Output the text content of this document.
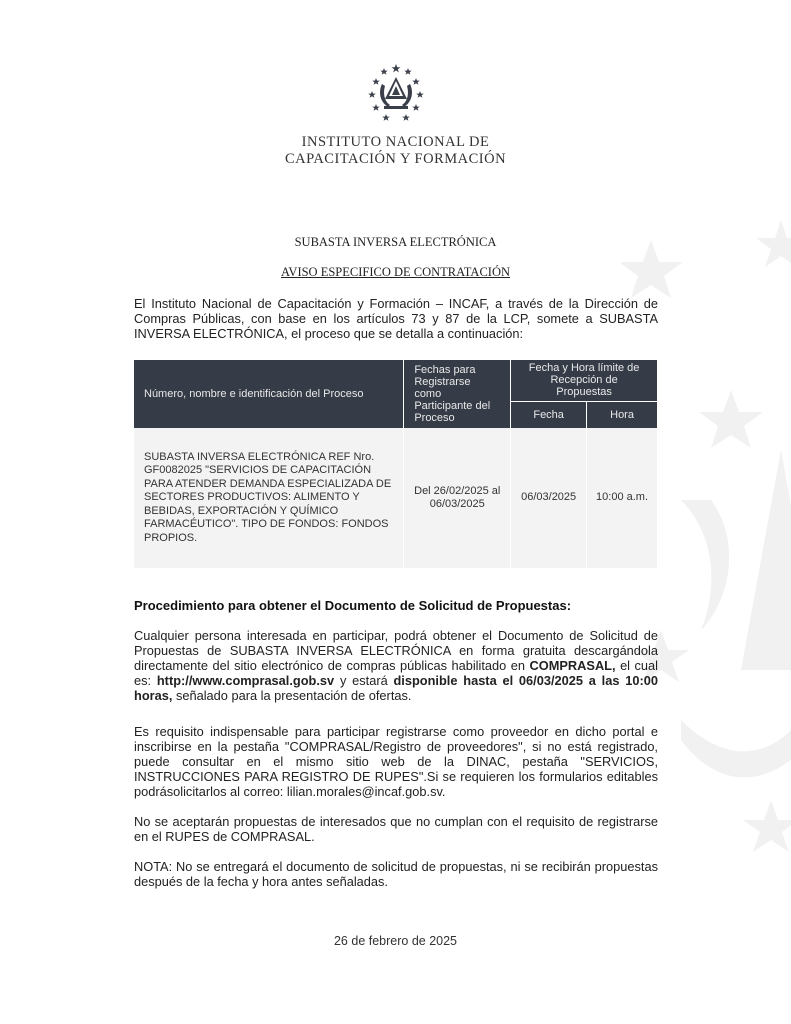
INSTITUTO NACIONAL DE
CAPACITACIÓN Y FORMACIÓN
SUBASTA INVERSA ELECTRÓNICA
AVISO ESPECIFICO DE CONTRATACIÓN
El Instituto Nacional de Capacitación y Formación – INCAF, a través de la Dirección de Compras Públicas, con base en los artículos 73 y 87 de la LCP, somete a SUBASTA INVERSA ELECTRÓNICA, el proceso que se detalla a continuación:
Número, nombre e identificación del Proceso	Fechas para Registrarse como Participante del Proceso	Fecha y Hora límite de Recepción de Propuestas	
		Fecha	Hora
SUBASTA INVERSA ELECTRÓNICA REF Nro. GF0082025 "SERVICIOS DE CAPACITACIÓN PARA ATENDER DEMANDA ESPECIALIZADA DE SECTORES PRODUCTIVOS: ALIMENTO Y BEBIDAS, EXPORTACIÓN Y QUÍMICO FARMACÉUTICO". TIPO DE FONDOS: FONDOS PROPIOS.	Del 26/02/2025 al 06/03/2025	06/03/2025	10:00 a.m.
Procedimiento para obtener el Documento de Solicitud de Propuestas:
Cualquier persona interesada en participar, podrá obtener el Documento de Solicitud de Propuestas de SUBASTA INVERSA ELECTRÓNICA en forma gratuita descargándola directamente del sitio electrónico de compras públicas habilitado en COMPRASAL, el cual es: http://www.comprasal.gob.sv y estará disponible hasta el 06/03/2025 a las 10:00 horas, señalado para la presentación de ofertas.
Es requisito indispensable para participar registrarse como proveedor en dicho portal e inscribirse en la pestaña "COMPRASAL/Registro de proveedores", si no está registrado, puede consultar en el mismo sitio web de la DINAC, pestaña "SERVICIOS, INSTRUCCIONES PARA REGISTRO DE RUPES".Si se requieren los formularios editables podrásolicitarlos al correo: lilian.morales@incaf.gob.sv.
No se aceptarán propuestas de interesados que no cumplan con el requisito de registrarse en el RUPES de COMPRASAL.
NOTA: No se entregará el documento de solicitud de propuestas, ni se recibirán propuestas después de la fecha y hora antes señaladas.
26 de febrero de 2025
